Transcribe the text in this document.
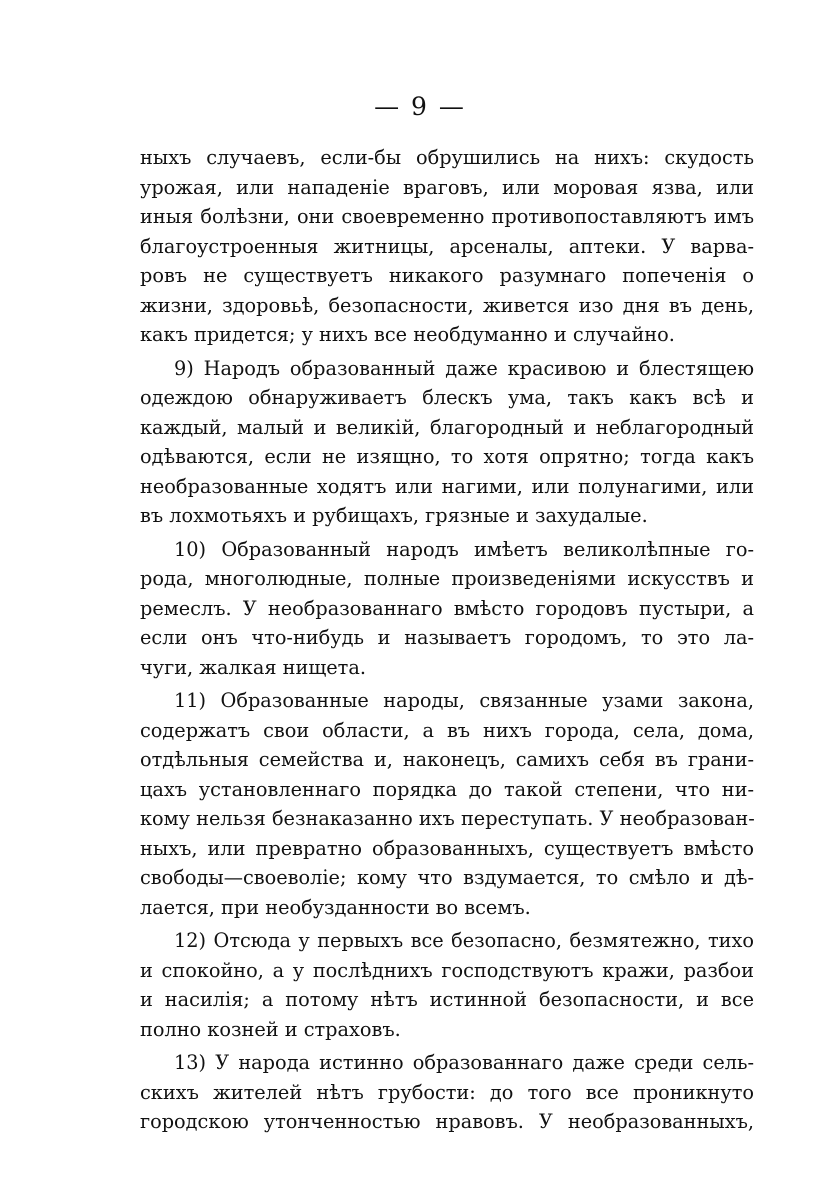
— 9 —

ныхъ случаевъ, если-бы обрушились на нихъ: скудость
урожая, или нападеніе враговъ, или моровая язва, или
иныя болѣзни, они своевременно противопоставляютъ имъ
благоустроенныя житницы, арсеналы, аптеки. У варва-
ровъ не существуетъ никакого разумнаго попеченія о
жизни, здоровьѣ, безопасности, живется изо дня въ день,
какъ придется; у нихъ все необдуманно и случайно.

9) Народъ образованный даже красивою и блестящею
одеждою обнаруживаетъ блескъ ума, такъ какъ всѣ и
каждый, малый и великій, благородный и неблагородный
одѣваются, если не изящно, то хотя опрятно; тогда какъ
необразованные ходятъ или нагими, или полунагими, или
въ лохмотьяхъ и рубищахъ, грязные и захудалые.

10) Образованный народъ имѣетъ великолѣпные го-
рода, многолюдные, полные произведеніями искусствъ и
ремеслъ. У необразованнаго вмѣсто городовъ пустыри, а
если онъ что-нибудь и называетъ городомъ, то это ла-
чуги, жалкая нищета.

11) Образованные народы, связанные узами закона,
содержатъ свои области, а въ нихъ города, села, дома,
отдѣльныя семейства и, наконецъ, самихъ себя въ грани-
цахъ установленнаго порядка до такой степени, что ни-
кому нельзя безнаказанно ихъ переступать. У необразован-
ныхъ, или превратно образованныхъ, существуетъ вмѣсто
свободы—своеволіе; кому что вздумается, то смѣло и дѣ-
лается, при необузданности во всемъ.

12) Отсюда у первыхъ все безопасно, безмятежно, тихо
и спокойно, а у послѣднихъ господствуютъ кражи, разбои
и насилія; а потому нѣтъ истинной безопасности, и все
полно козней и страховъ.

13) У народа истинно образованнаго даже среди сель-
скихъ жителей нѣтъ грубости: до того все проникнуто
городскою утонченностью нравовъ. У необразованныхъ,
